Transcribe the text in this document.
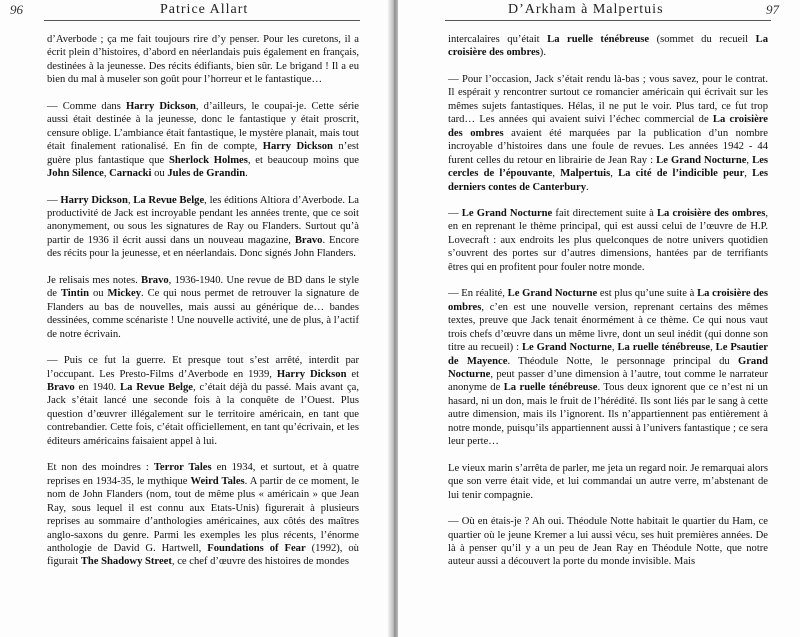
96	Patrice Allart

d’Averbode ; ça me fait toujours rire d’y penser. Pour les curetons, il a écrit plein d’histoires, d’abord en néerlandais puis également en français, destinées à la jeunesse. Des récits édifiants, bien sûr. Le brigand ! Il a eu bien du mal à museler son goût pour l’horreur et le fantastique…

— Comme dans Harry Dickson, d’ailleurs, le coupai-je. Cette série aussi était destinée à la jeunesse, donc le fantastique y était proscrit, censure oblige. L’ambiance était fantastique, le mystère planait, mais tout était finalement rationalisé. En fin de compte, Harry Dickson n’est guère plus fantastique que Sherlock Holmes, et beaucoup moins que John Silence, Carnacki ou Jules de Grandin.

— Harry Dickson, La Revue Belge, les éditions Altiora d’Averbode. La productivité de Jack est incroyable pendant les années trente, que ce soit anonymement, ou sous les signatures de Ray ou Flanders. Surtout qu’à partir de 1936 il écrit aussi dans un nouveau magazine, Bravo. Encore des récits pour la jeunesse, et en néerlandais. Donc signés John Flanders.

Je relisais mes notes. Bravo, 1936-1940. Une revue de BD dans le style de Tintin ou Mickey. Ce qui nous permet de retrouver la signature de Flanders au bas de nouvelles, mais aussi au générique de… bandes dessinées, comme scénariste ! Une nouvelle activité, une de plus, à l’actif de notre écrivain.

— Puis ce fut la guerre. Et presque tout s’est arrêté, interdit par l’occupant. Les Presto-Films d’Averbode en 1939, Harry Dickson et Bravo en 1940. La Revue Belge, c’était déjà du passé. Mais avant ça, Jack s’était lancé une seconde fois à la conquête de l’Ouest. Plus question d’œuvrer illégalement sur le territoire américain, en tant que contrebandier. Cette fois, c’était officiellement, en tant qu’écrivain, et les éditeurs américains faisaient appel à lui.

Et non des moindres : Terror Tales en 1934, et surtout, et à quatre reprises en 1934-35, le mythique Weird Tales. A partir de ce moment, le nom de John Flanders (nom, tout de même plus « américain » que Jean Ray, sous lequel il est connu aux Etats-Unis) figurerait à plusieurs reprises au sommaire d’anthologies américaines, aux côtés des maîtres anglo-saxons du genre. Parmi les exemples les plus récents, l’énorme anthologie de David G. Hartwell, Foundations of Fear (1992), où figurait The Shadowy Street, ce chef d’œuvre des histoires de mondes

D’Arkham à Malpertuis	97

intercalaires qu’était La ruelle ténébreuse (sommet du recueil La croisière des ombres).

— Pour l’occasion, Jack s’était rendu là-bas ; vous savez, pour le contrat. Il espérait y rencontrer surtout ce romancier américain qui écrivait sur les mêmes sujets fantastiques. Hélas, il ne put le voir. Plus tard, ce fut trop tard… Les années qui avaient suivi l’échec commercial de La croisière des ombres avaient été marquées par la publication d’un nombre incroyable d’histoires dans une foule de revues. Les années 1942 - 44 furent celles du retour en librairie de Jean Ray : Le Grand Nocturne, Les cercles de l’épouvante, Malpertuis, La cité de l’indicible peur, Les derniers contes de Canterbury.

— Le Grand Nocturne fait directement suite à La croisière des ombres, en en reprenant le thème principal, qui est aussi celui de l’œuvre de H.P. Lovecraft : aux endroits les plus quelconques de notre univers quotidien s’ouvrent des portes sur d’autres dimensions, hantées par de terrifiants êtres qui en profitent pour fouler notre monde.

— En réalité, Le Grand Nocturne est plus qu’une suite à La croisière des ombres, c’en est une nouvelle version, reprenant certains des mêmes textes, preuve que Jack tenait énormément à ce thème. Ce qui nous vaut trois chefs d’œuvre dans un même livre, dont un seul inédit (qui donne son titre au recueil) : Le Grand Nocturne, La ruelle ténébreuse, Le Psautier de Mayence. Théodule Notte, le personnage principal du Grand Nocturne, peut passer d’une dimension à l’autre, tout comme le narrateur anonyme de La ruelle ténébreuse. Tous deux ignorent que ce n’est ni un hasard, ni un don, mais le fruit de l’hérédité. Ils sont liés par le sang à cette autre dimension, mais ils l’ignorent. Ils n’appartiennent pas entièrement à notre monde, puisqu’ils appartiennent aussi à l’univers fantastique ; ce sera leur perte…

Le vieux marin s’arrêta de parler, me jeta un regard noir. Je remarquai alors que son verre était vide, et lui commandai un autre verre, m’abstenant de lui tenir compagnie.

— Où en étais-je ? Ah oui. Théodule Notte habitait le quartier du Ham, ce quartier où le jeune Kremer a lui aussi vécu, ses huit premières années. De là à penser qu’il y a un peu de Jean Ray en Théodule Notte, que notre auteur aussi a découvert la porte du monde invisible. Mais
